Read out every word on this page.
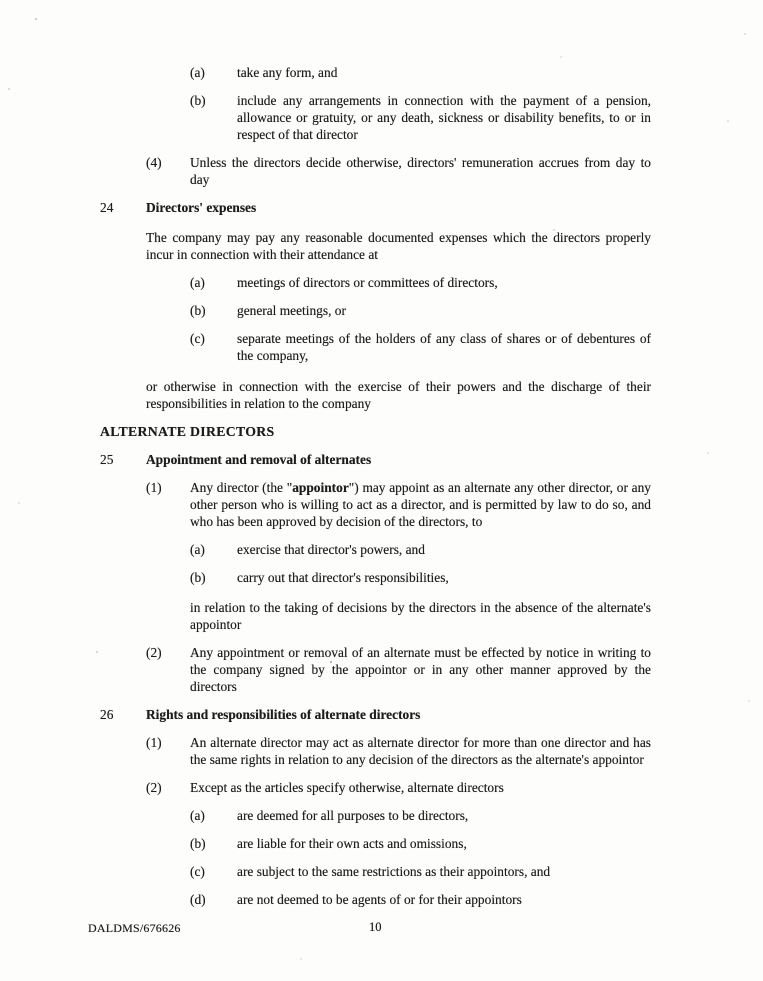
(a)	take any form, and
(b)	include any arrangements in connection with the payment of a pension, allowance or gratuity, or any death, sickness or disability benefits, to or in respect of that director
(4)	Unless the directors decide otherwise, directors' remuneration accrues from day to day
24	Directors' expenses

The company may pay any reasonable documented expenses which the directors properly incur in connection with their attendance at

(a)	meetings of directors or committees of directors,
(b)	general meetings, or
(c)	separate meetings of the holders of any class of shares or of debentures of the company,

or otherwise in connection with the exercise of their powers and the discharge of their responsibilities in relation to the company

ALTERNATE DIRECTORS
25	Appointment and removal of alternates
(1)	Any director (the "appointor") may appoint as an alternate any other director, or any other person who is willing to act as a director, and is permitted by law to do so, and who has been approved by decision of the directors, to
(a)	exercise that director's powers, and
(b)	carry out that director's responsibilities,

in relation to the taking of decisions by the directors in the absence of the alternate's appointor

(2)	Any appointment or removal of an alternate must be effected by notice in writing to the company signed by the appointor or in any other manner approved by the directors
26	Rights and responsibilities of alternate directors
(1)	An alternate director may act as alternate director for more than one director and has the same rights in relation to any decision of the directors as the alternate's appointor
(2)	Except as the articles specify otherwise, alternate directors
(a)	are deemed for all purposes to be directors,
(b)	are liable for their own acts and omissions,
(c)	are subject to the same restrictions as their appointors, and
(d)	are not deemed to be agents of or for their appointors
DALDMS/676626	10
